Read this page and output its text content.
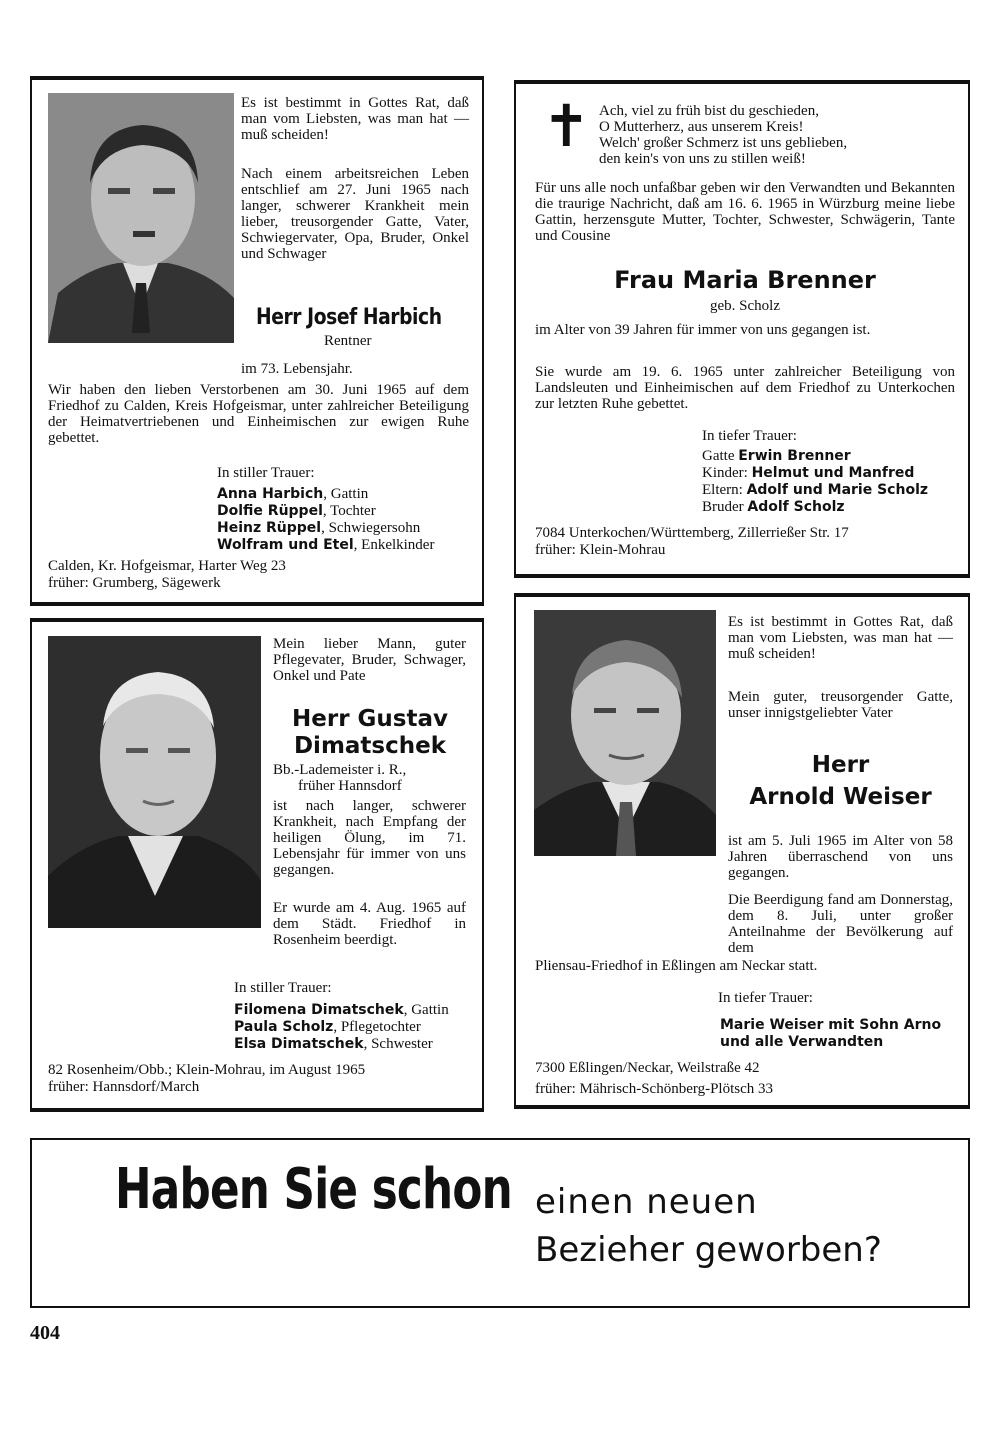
Es ist bestimmt in Gottes Rat, daß man vom Liebsten, was man hat — muß scheiden!
Nach einem arbeitsreichen Leben entschlief am 27. Juni 1965 nach langer, schwerer Krankheit mein lieber, treusorgender Gatte, Vater, Schwiegervater, Opa, Bruder, Onkel und Schwager
Herr Josef Harbich
Rentner
im 73. Lebensjahr.
Wir haben den lieben Verstorbenen am 30. Juni 1965 auf dem Friedhof zu Calden, Kreis Hofgeismar, unter zahlreicher Beteiligung der Heimatvertriebenen und Einheimischen zur ewigen Ruhe gebettet.
In stiller Trauer:
Anna Harbich, Gattin
Dolfie Rüppel, Tochter
Heinz Rüppel, Schwiegersohn
Wolfram und Etel, Enkelkinder
Calden, Kr. Hofgeismar, Harter Weg 23
früher: Grumberg, Sägewerk
✝ Ach, viel zu früh bist du geschieden,
O Mutterherz, aus unserem Kreis!
Welch' großer Schmerz ist uns geblieben,
den kein's von uns zu stillen weiß!
Für uns alle noch unfaßbar geben wir den Verwandten und Bekannten die traurige Nachricht, daß am 16. 6. 1965 in Würzburg meine liebe Gattin, herzensgute Mutter, Tochter, Schwester, Schwägerin, Tante und Cousine
Frau Maria Brenner
geb. Scholz
im Alter von 39 Jahren für immer von uns gegangen ist.
Sie wurde am 19. 6. 1965 unter zahlreicher Beteiligung von Landsleuten und Einheimischen auf dem Friedhof zu Unterkochen zur letzten Ruhe gebettet.
In tiefer Trauer:
Gatte Erwin Brenner
Kinder: Helmut und Manfred
Eltern: Adolf und Marie Scholz
Bruder Adolf Scholz
7084 Unterkochen/Württemberg, Zillerrießer Str. 17
früher: Klein-Mohrau
Mein lieber Mann, guter Pflegevater, Bruder, Schwager, Onkel und Pate
Herr Gustav
Dimatschek
Bb.-Lademeister i. R.,
früher Hannsdorf
ist nach langer, schwerer Krankheit, nach Empfang der heiligen Ölung, im 71. Lebensjahr für immer von uns gegangen.
Er wurde am 4. Aug. 1965 auf dem Städt. Friedhof in Rosenheim beerdigt.
In stiller Trauer:
Filomena Dimatschek, Gattin
Paula Scholz, Pflegetochter
Elsa Dimatschek, Schwester
82 Rosenheim/Obb.; Klein-Mohrau, im August 1965
früher: Hannsdorf/March
Es ist bestimmt in Gottes Rat, daß man vom Liebsten, was man hat — muß scheiden!
Mein guter, treusorgender Gatte, unser innigstgeliebter Vater
Herr
Arnold Weiser
ist am 5. Juli 1965 im Alter von 58 Jahren überraschend von uns gegangen.
Die Beerdigung fand am Donnerstag, dem 8. Juli, unter großer Anteilnahme der Bevölkerung auf dem
Pliensau-Friedhof in Eßlingen am Neckar statt.
In tiefer Trauer:
Marie Weiser mit Sohn Arno
und alle Verwandten
7300 Eßlingen/Neckar, Weilstraße 42
früher: Mährisch-Schönberg-Plötsch 33
Haben Sie schon einen neuen
Bezieher geworben?
404
